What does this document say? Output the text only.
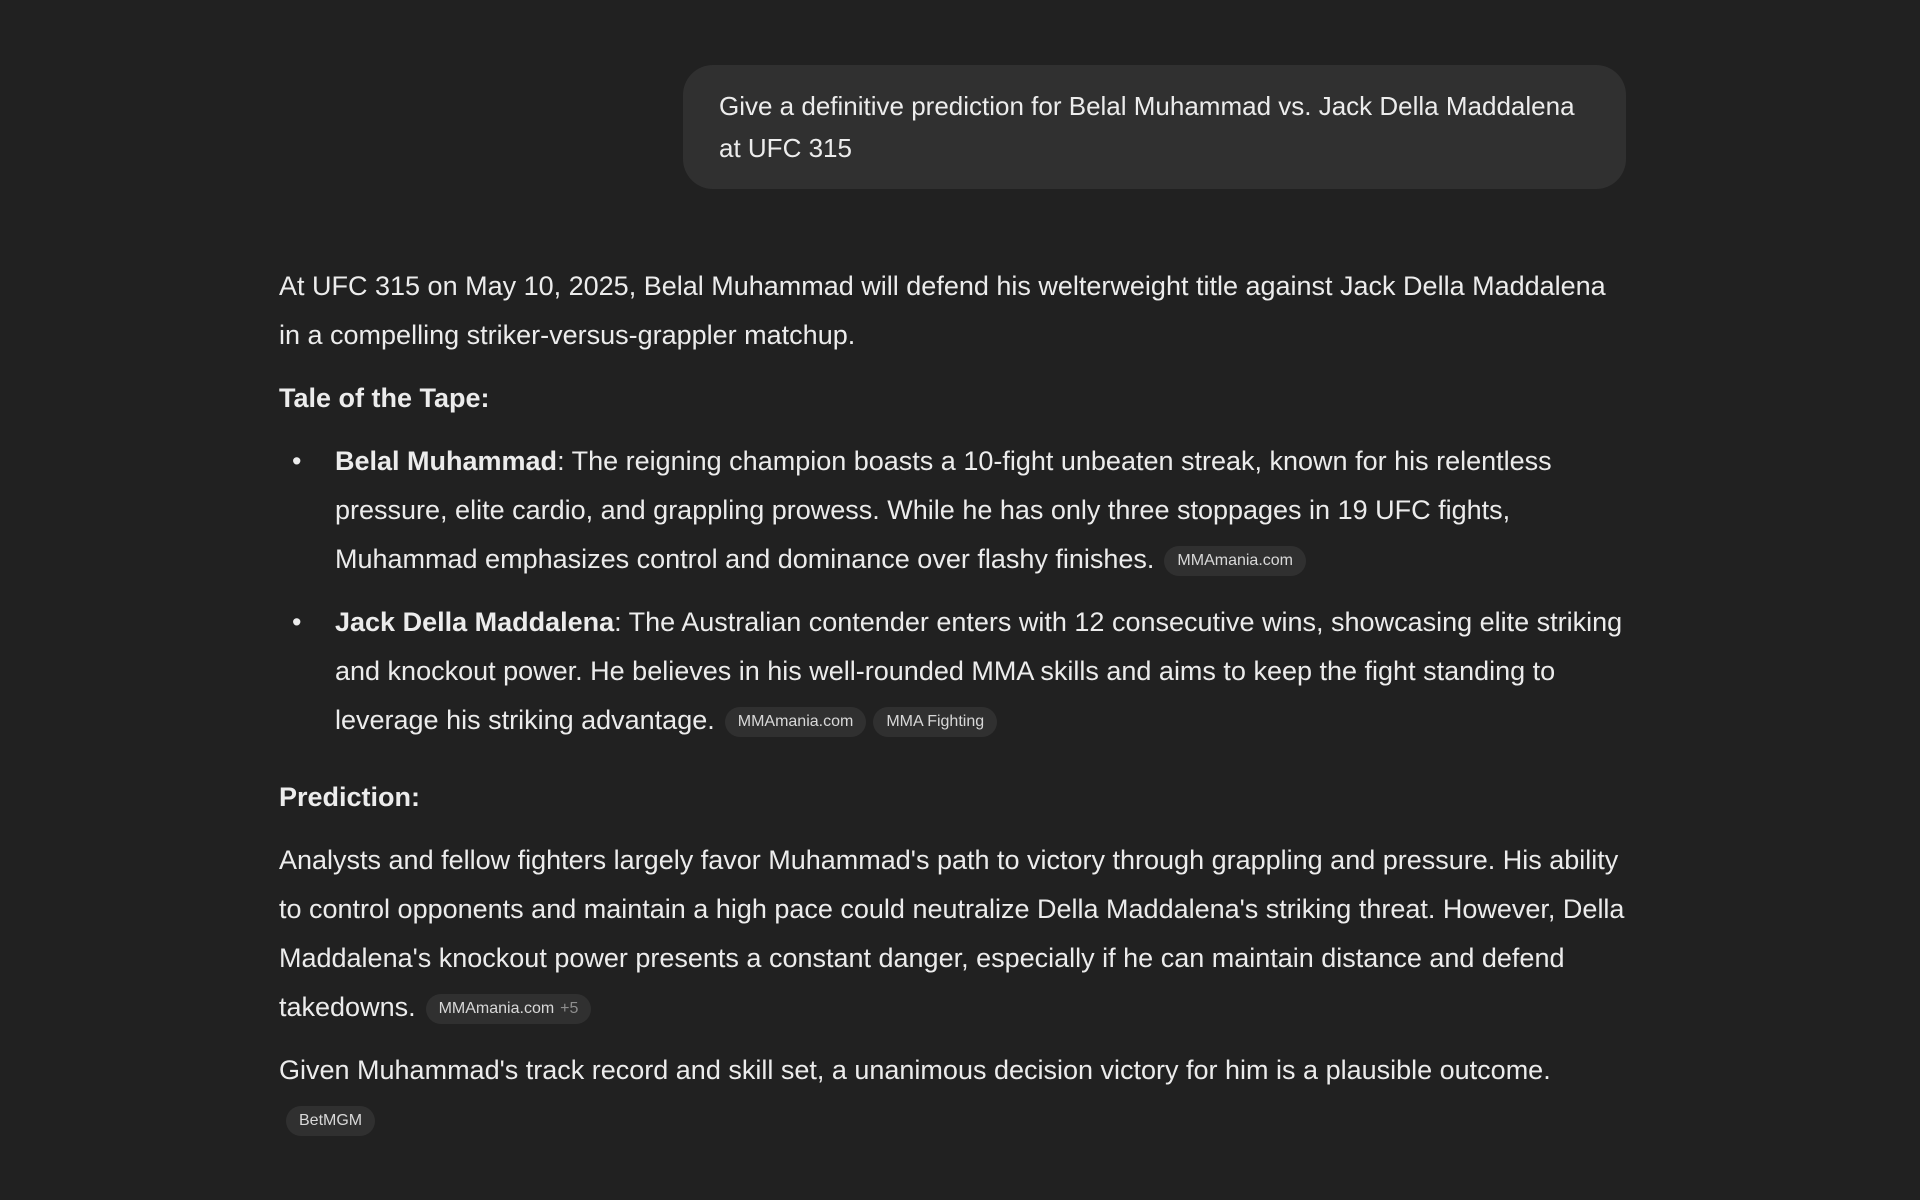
Give a definitive prediction for Belal Muhammad vs. Jack Della Maddalena at UFC 315

At UFC 315 on May 10, 2025, Belal Muhammad will defend his welterweight title against Jack Della Maddalena in a compelling striker-versus-grappler matchup.

Tale of the Tape:

• Belal Muhammad: The reigning champion boasts a 10-fight unbeaten streak, known for his relentless pressure, elite cardio, and grappling prowess. While he has only three stoppages in 19 UFC fights, Muhammad emphasizes control and dominance over flashy finishes. MMAmania.com
• Jack Della Maddalena: The Australian contender enters with 12 consecutive wins, showcasing elite striking and knockout power. He believes in his well-rounded MMA skills and aims to keep the fight standing to leverage his striking advantage. MMAmania.com MMA Fighting

Prediction:

Analysts and fellow fighters largely favor Muhammad's path to victory through grappling and pressure. His ability to control opponents and maintain a high pace could neutralize Della Maddalena's striking threat. However, Della Maddalena's knockout power presents a constant danger, especially if he can maintain distance and defend takedowns. MMAmania.com +5

Given Muhammad's track record and skill set, a unanimous decision victory for him is a plausible outcome.
BetMGM
